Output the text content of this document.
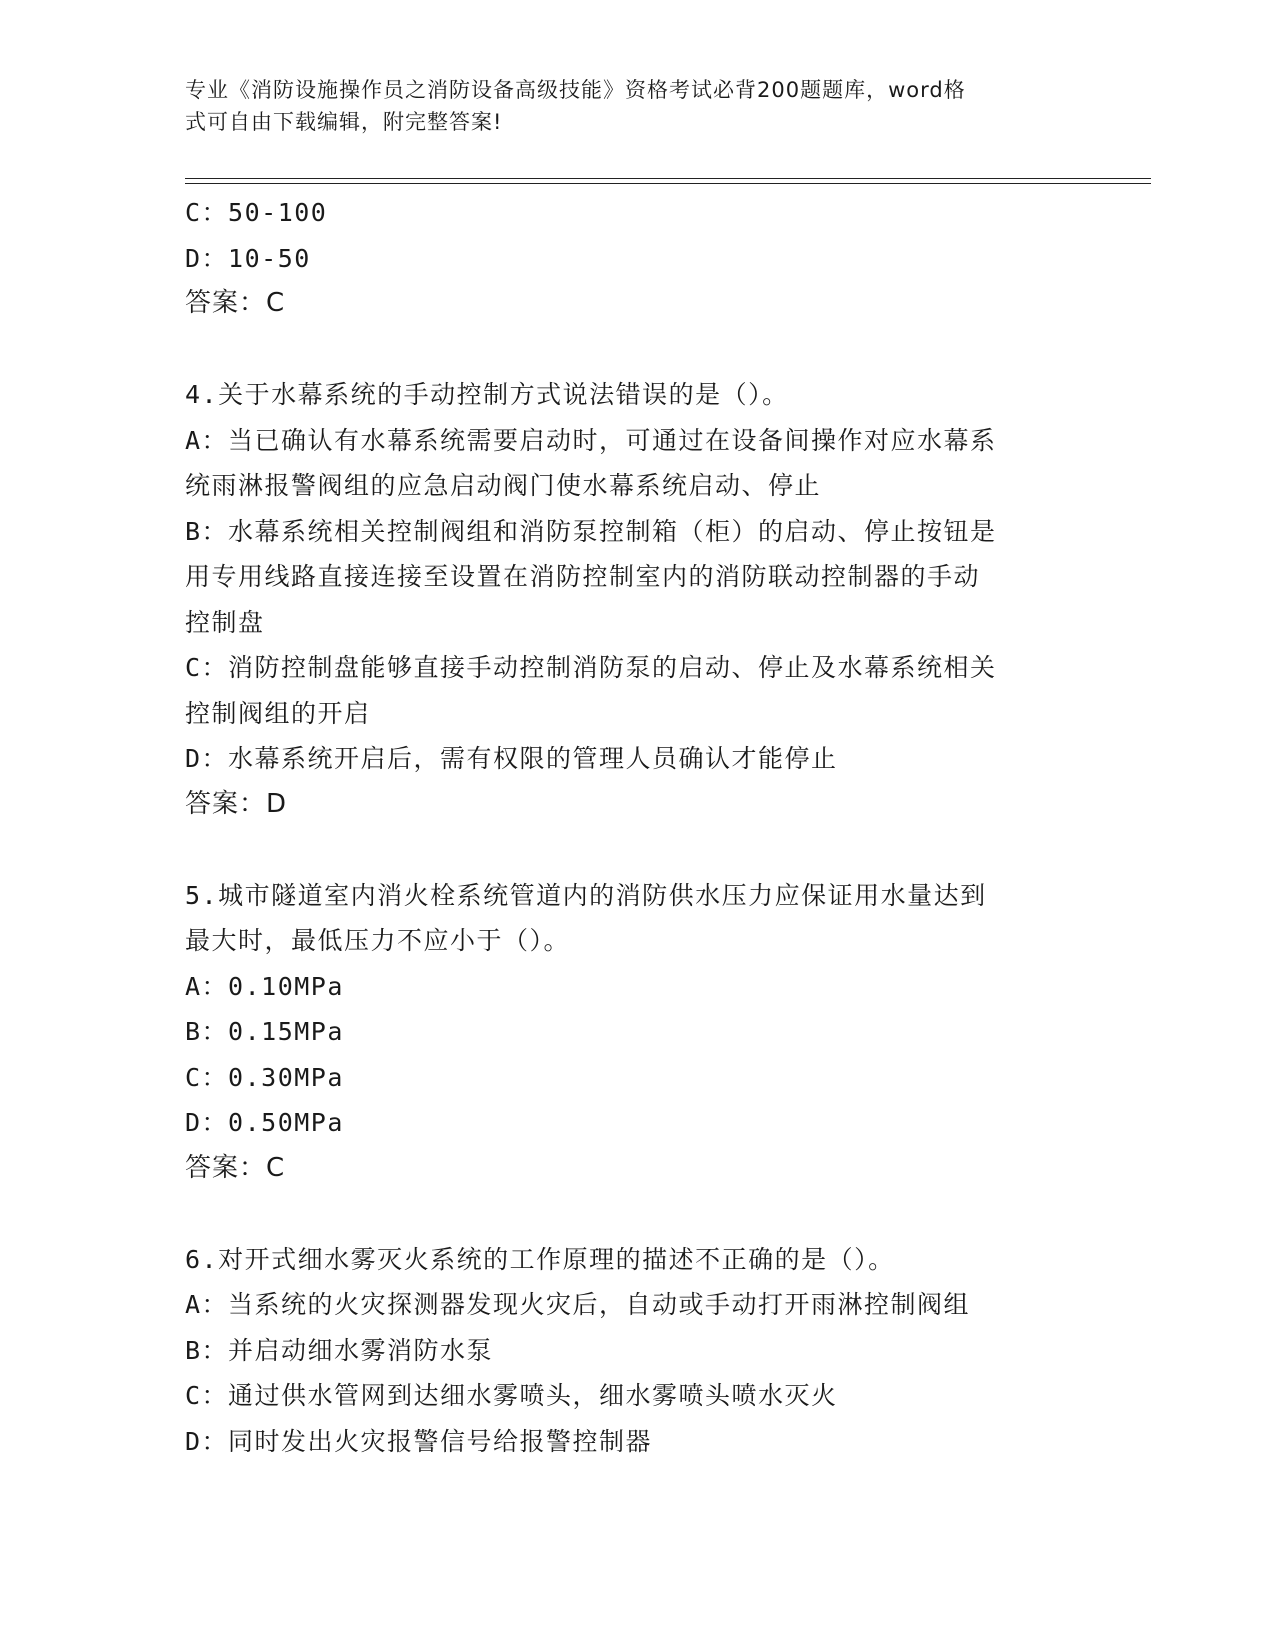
专业《消防设施操作员之消防设备高级技能》资格考试必背200题题库，word格
式可自由下载编辑，附完整答案!
C：50-100
D：10-50
答案：C
4.关于水幕系统的手动控制方式说法错误的是（）。
A：当已确认有水幕系统需要启动时，可通过在设备间操作对应水幕系
统雨淋报警阀组的应急启动阀门使水幕系统启动、停止
B：水幕系统相关控制阀组和消防泵控制箱（柜）的启动、停止按钮是
用专用线路直接连接至设置在消防控制室内的消防联动控制器的手动
控制盘
C：消防控制盘能够直接手动控制消防泵的启动、停止及水幕系统相关
控制阀组的开启
D：水幕系统开启后，需有权限的管理人员确认才能停止
答案：D
5.城市隧道室内消火栓系统管道内的消防供水压力应保证用水量达到
最大时，最低压力不应小于（）。
A：0.10MPa
B：0.15MPa
C：0.30MPa
D：0.50MPa
答案：C
6.对开式细水雾灭火系统的工作原理的描述不正确的是（）。
A：当系统的火灾探测器发现火灾后，自动或手动打开雨淋控制阀组
B：并启动细水雾消防水泵
C：通过供水管网到达细水雾喷头，细水雾喷头喷水灭火
D：同时发出火灾报警信号给报警控制器
